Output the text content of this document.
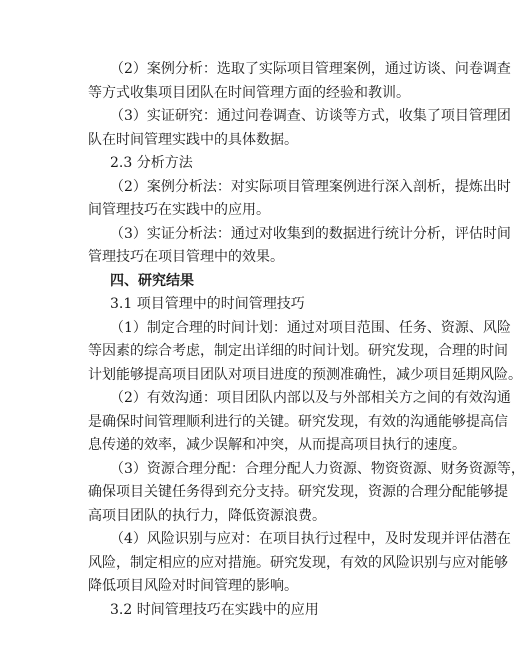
（2）案例分析：选取了实际项目管理案例，通过访谈、问卷调查
等方式收集项目团队在时间管理方面的经验和教训。
（3）实证研究：通过问卷调查、访谈等方式，收集了项目管理团
队在时间管理实践中的具体数据。
2.3 分析方法
（2）案例分析法：对实际项目管理案例进行深入剖析，提炼出时
间管理技巧在实践中的应用。
（3）实证分析法：通过对收集到的数据进行统计分析，评估时间
管理技巧在项目管理中的效果。
四、研究结果
3.1 项目管理中的时间管理技巧
（1）制定合理的时间计划：通过对项目范围、任务、资源、风险
等因素的综合考虑，制定出详细的时间计划。研究发现，合理的时间
计划能够提高项目团队对项目进度的预测准确性，减少项目延期风险。
（2）有效沟通：项目团队内部以及与外部相关方之间的有效沟通
是确保时间管理顺利进行的关键。研究发现，有效的沟通能够提高信
息传递的效率，减少误解和冲突，从而提高项目执行的速度。
（3）资源合理分配：合理分配人力资源、物资资源、财务资源等，
确保项目关键任务得到充分支持。研究发现，资源的合理分配能够提
高项目团队的执行力，降低资源浪费。
（4）风险识别与应对：在项目执行过程中，及时发现并评估潜在
风险，制定相应的应对措施。研究发现，有效的风险识别与应对能够
降低项目风险对时间管理的影响。
3.2 时间管理技巧在实践中的应用
